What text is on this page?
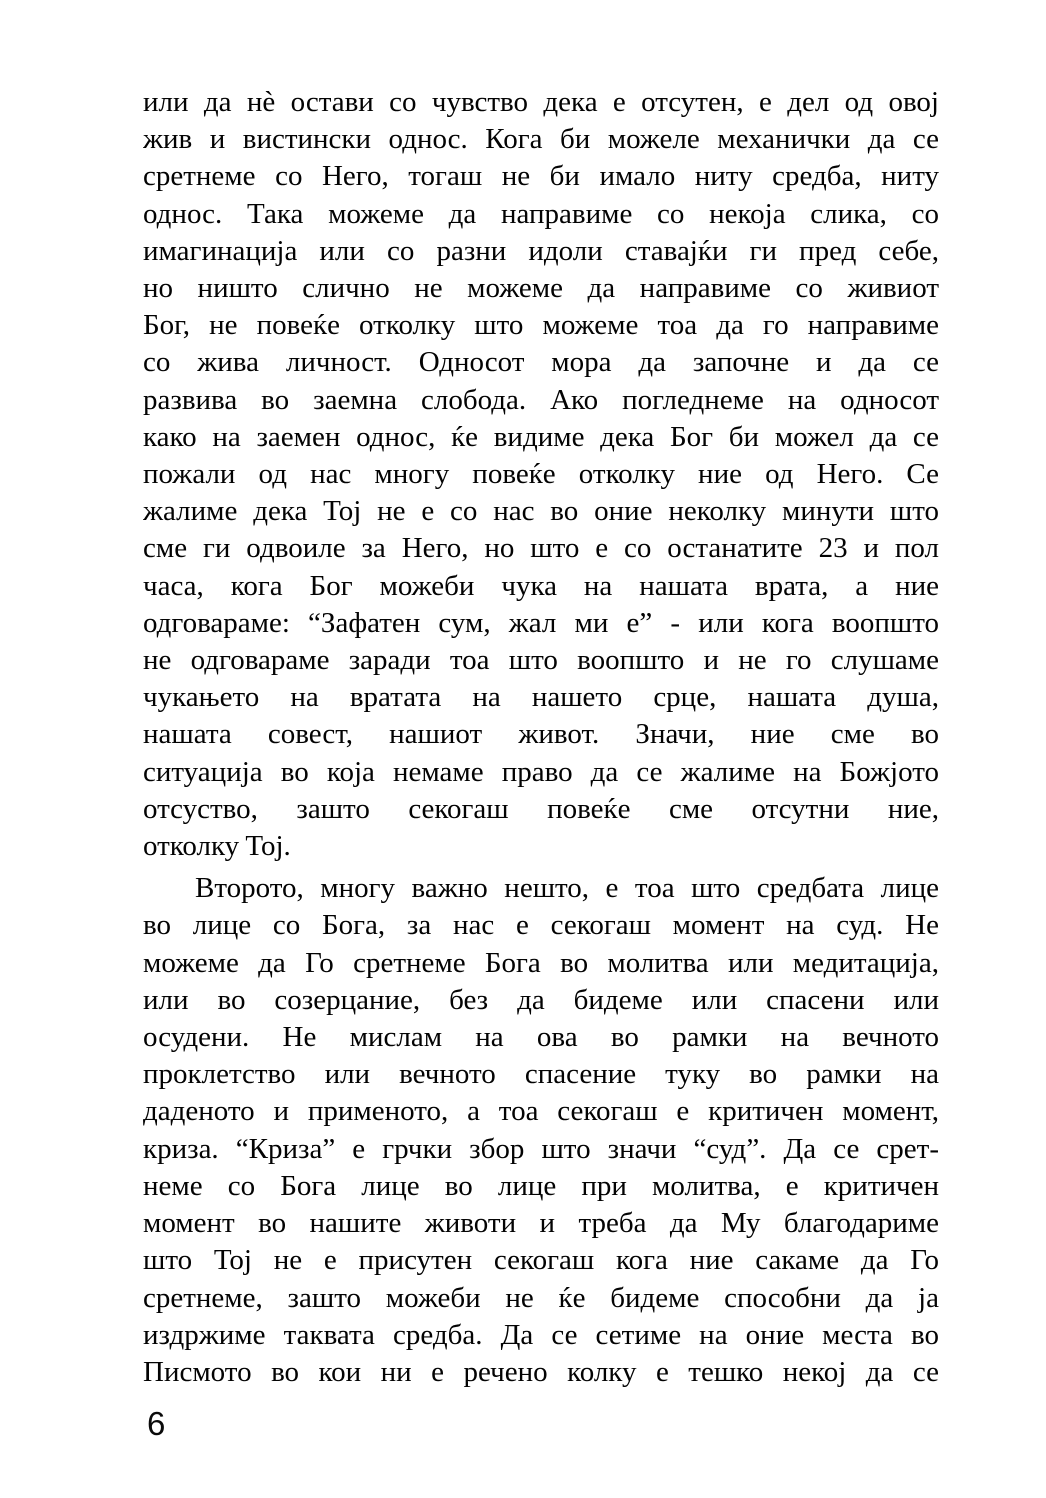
или да нѐ остави со чувство дека е отсутен, е дел од овој
жив и вистински однос. Кога би можеле механички да се
сретнеме со Него, тогаш не би имало ниту средба, ниту
однос. Така можеме да направиме со некоја слика, со
имагинација или со разни идоли ставајќи ги пред себе,
но ништо слично не можеме да направиме со живиот
Бог, не повеќе отколку што можеме тоа да го направиме
со жива личност. Односот мора да започне и да се
развива во заемна слобода. Ако погледнеме на односот
како на заемен однос, ќе видиме дека Бог би можел да се
пожали од нас многу повеќе отколку ние од Него. Се
жалиме дека Тој не е со нас во оние неколку минути што
сме ги одвоиле за Него, но што е со останатите 23 и пол
часа, кога Бог можеби чука на нашата врата, а ние
одговараме: “Зафатен сум, жал ми е” - или кога воопшто
не одговараме заради тоа што воопшто и не го слушаме
чукањето на вратата на нашето срце, нашата душа,
нашата совест, нашиот живот. Значи, ние сме во
ситуација во која немаме право да се жалиме на Божјото
отсуство, зашто секогаш повеќе сме отсутни ние,
отколку Тој.
Второто, многу важно нешто, е тоа што средбата лице
во лице со Бога, за нас е секогаш момент на суд. Не
можеме да Го сретнеме Бога во молитва или медитација,
или во созерцание, без да бидеме или спасени или
осудени. Не мислам на ова во рамки на вечното
проклетство или вечното спасение туку во рамки на
даденото и применото, а тоа секогаш е критичен момент,
криза. “Криза” е грчки збор што значи “суд”. Да се срет-
неме со Бога лице во лице при молитва, е критичен
момент во нашите животи и треба да Му благодариме
што Тој не е присутен секогаш кога ние сакаме да Го
сретнеме, зашто можеби не ќе бидеме способни да ја
издржиме таквата средба. Да се сетиме на оние места во
Писмото во кои ни е речено колку е тешко некој да се
6
